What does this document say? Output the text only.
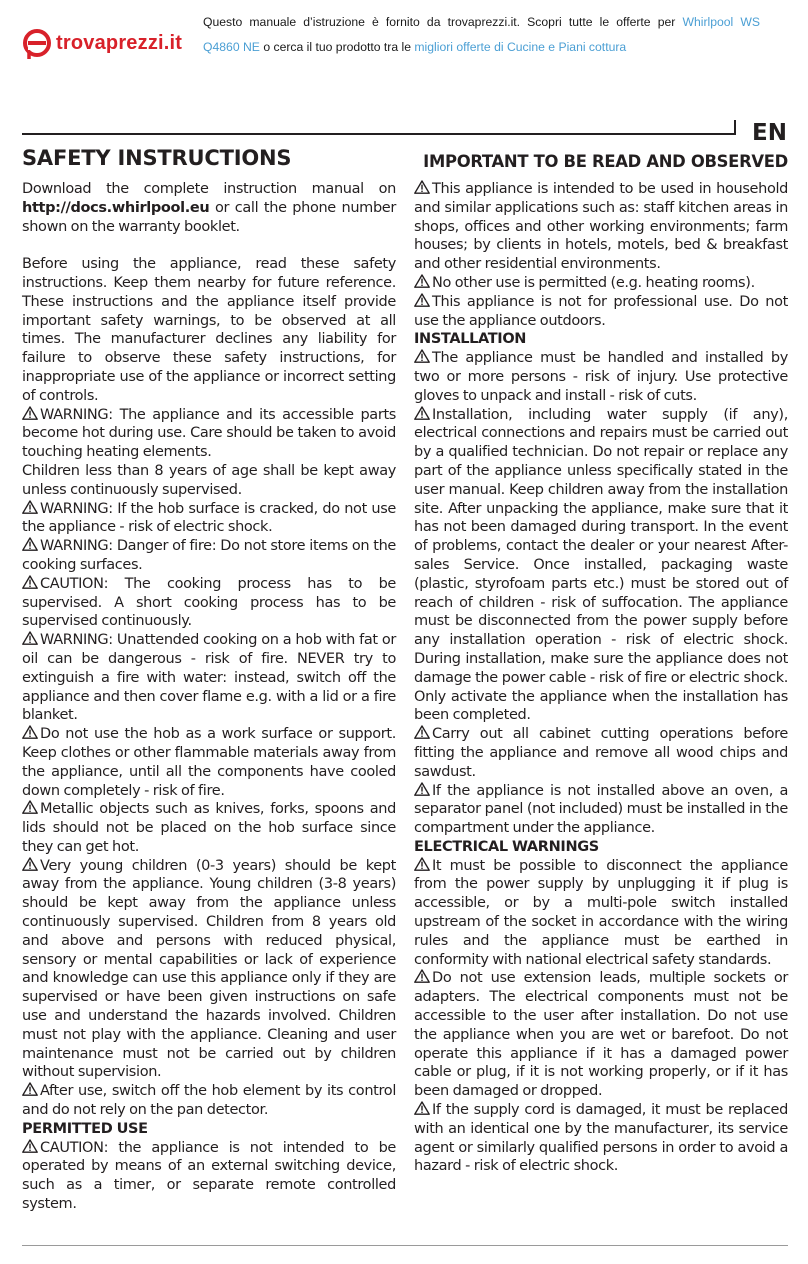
trovaprezzi.it
Questo manuale d’istruzione è fornito da trovaprezzi.it. Scopri tutte le offerte per Whirlpool WS
Q4860 NE o cerca il tuo prodotto tra le migliori offerte di Cucine e Piani cottura
EN
SAFETY INSTRUCTIONS	IMPORTANT TO BE READ AND OBSERVED

Download the complete instruction manual on http://docs.whirlpool.eu or call the phone number shown on the warranty booklet.

Before using the appliance, read these safety instructions. Keep them nearby for future reference. These instructions and the appliance itself provide important safety warnings, to be observed at all times. The manufacturer declines any liability for failure to observe these safety instructions, for inappropriate use of the appliance or incorrect setting of controls.

WARNING: The appliance and its accessible parts become hot during use. Care should be taken to avoid touching heating elements.

Children less than 8 years of age shall be kept away unless continuously supervised.

WARNING: If the hob surface is cracked, do not use the appliance - risk of electric shock.

WARNING: Danger of fire: Do not store items on the cooking surfaces.

CAUTION: The cooking process has to be supervised. A short cooking process has to be supervised continuously.

WARNING: Unattended cooking on a hob with fat or oil can be dangerous - risk of fire. NEVER try to extinguish a fire with water: instead, switch off the appliance and then cover flame e.g. with a lid or a fire blanket.

Do not use the hob as a work surface or support. Keep clothes or other flammable materials away from the appliance, until all the components have cooled down completely - risk of fire.

Metallic objects such as knives, forks, spoons and lids should not be placed on the hob surface since they can get hot.

Very young children (0-3 years) should be kept away from the appliance. Young children (3-8 years) should be kept away from the appliance unless continuously supervised. Children from 8 years old and above and persons with reduced physical, sensory or mental capabilities or lack of experience and knowledge can use this appliance only if they are supervised or have been given instructions on safe use and understand the hazards involved. Children must not play with the appliance. Cleaning and user maintenance must not be carried out by children without supervision.

After use, switch off the hob element by its control and do not rely on the pan detector.

PERMITTED USE

CAUTION: the appliance is not intended to be operated by means of an external switching device, such as a timer, or separate remote controlled system.

This appliance is intended to be used in household and similar applications such as: staff kitchen areas in shops, offices and other working environments; farm houses; by clients in hotels, motels, bed & breakfast and other residential environments.

No other use is permitted (e.g. heating rooms).

This appliance is not for professional use. Do not use the appliance outdoors.

INSTALLATION

The appliance must be handled and installed by two or more persons - risk of injury. Use protective gloves to unpack and install - risk of cuts.

Installation, including water supply (if any), electrical connections and repairs must be carried out by a qualified technician. Do not repair or replace any part of the appliance unless specifically stated in the user manual. Keep children away from the installation site. After unpacking the appliance, make sure that it has not been damaged during transport. In the event of problems, contact the dealer or your nearest After-sales Service. Once installed, packaging waste (plastic, styrofoam parts etc.) must be stored out of reach of children - risk of suffocation. The appliance must be disconnected from the power supply before any installation operation - risk of electric shock. During installation, make sure the appliance does not damage the power cable - risk of fire or electric shock. Only activate the appliance when the installation has been completed.

Carry out all cabinet cutting operations before fitting the appliance and remove all wood chips and sawdust.

If the appliance is not installed above an oven, a separator panel (not included) must be installed in the compartment under the appliance.

ELECTRICAL WARNINGS

It must be possible to disconnect the appliance from the power supply by unplugging it if plug is accessible, or by a multi-pole switch installed upstream of the socket in accordance with the wiring rules and the appliance must be earthed in conformity with national electrical safety standards.

Do not use extension leads, multiple sockets or adapters. The electrical components must not be accessible to the user after installation. Do not use the appliance when you are wet or barefoot. Do not operate this appliance if it has a damaged power cable or plug, if it is not working properly, or if it has been damaged or dropped.

If the supply cord is damaged, it must be replaced with an identical one by the manufacturer, its service agent or similarly qualified persons in order to avoid a hazard - risk of electric shock.
